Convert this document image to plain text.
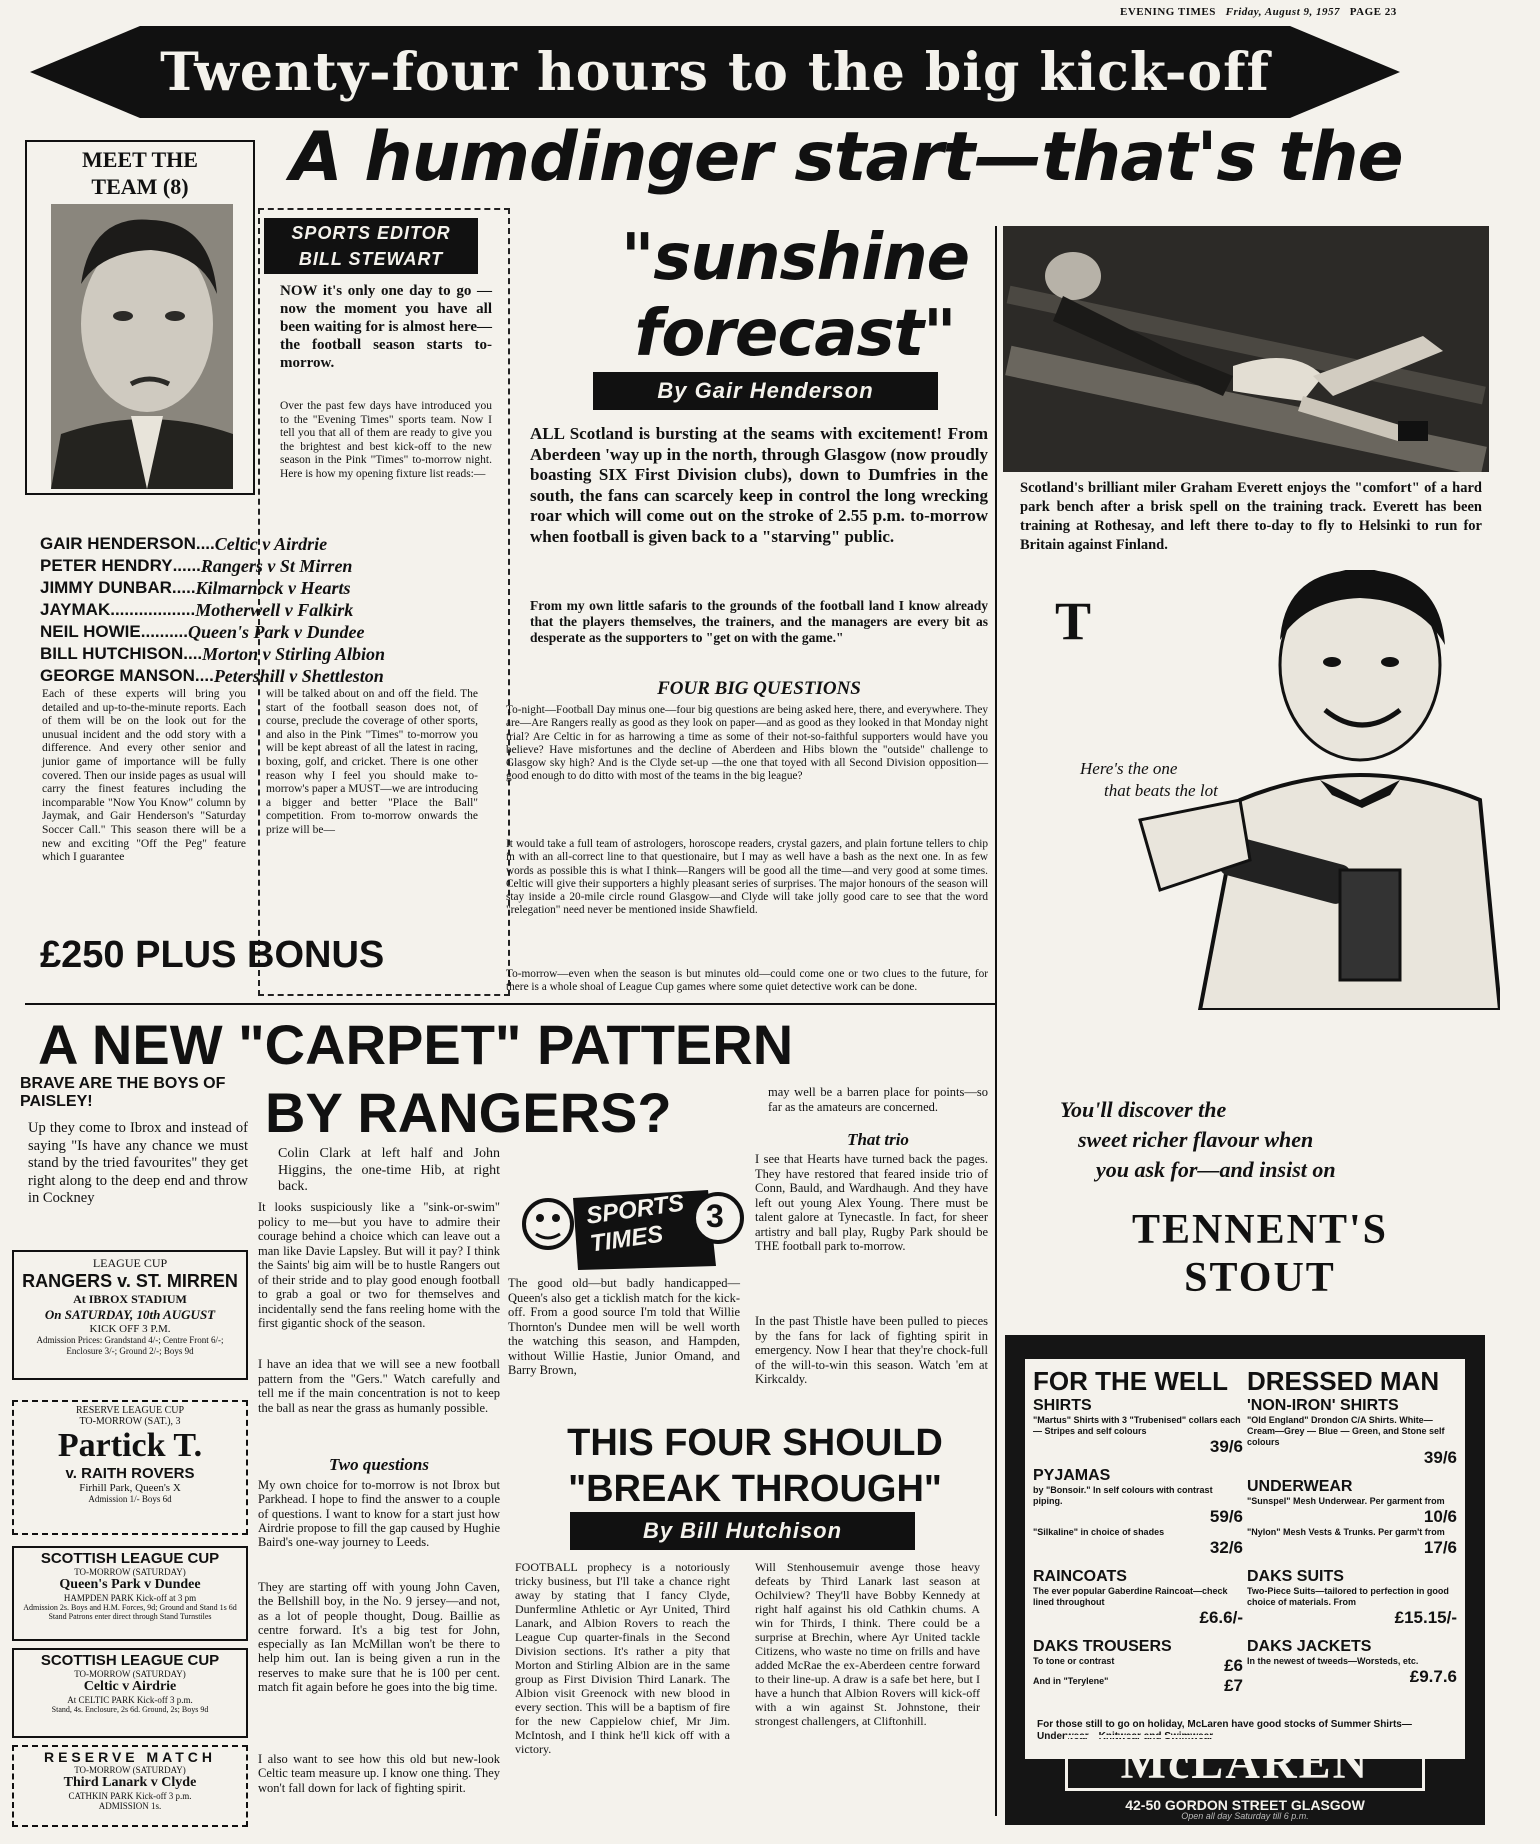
EVENING TIMES Friday, August 9, 1957 PAGE 23
Twenty-four hours to the big kick-off
MEET THE
TEAM (8)	A humdinger start—that's the
"sunshine
forecast"
By Gair Henderson
SPORTS EDITOR
BILL STEWART
NOW it's only one day to go — now the moment you have all been waiting for is almost here—the football season starts to-morrow.
Over the past few days have introduced you to the "Evening Times" sports team. Now I tell you that all of them are ready to give you the brightest and best kick-off to the new season in the Pink "Times" to-morrow night. Here is how my opening fixture list reads:—
GAIR HENDERSON .... Celtic v Airdrie
PETER HENDRY ...... Rangers v St Mirren
JIMMY DUNBAR ..... Kilmarnock v Hearts
JAYMAK .................. Motherwell v Falkirk
NEIL HOWIE .......... Queen's Park v Dundee
BILL HUTCHISON .... Morton v Stirling Albion
GEORGE MANSON .... Petershill v Shettleston
Each of these experts will bring you detailed and up-to-the-minute reports. Each of them will be on the look out for the unusual incident and the odd story with a difference. And every other senior and junior game of importance will be fully covered. Then our inside pages as usual will carry the finest features including the incomparable "Now You Know" column by Jaymak, and Gair Henderson's "Saturday Soccer Call." This season there will be a new and exciting "Off the Peg" feature which I guarantee
will be talked about on and off the field. The start of the football season does not, of course, preclude the coverage of other sports, and also in the Pink "Times" to-morrow you will be kept abreast of all the latest in racing, boxing, golf, and cricket. There is one other reason why I feel you should make to-morrow's paper a MUST—we are introducing a bigger and better "Place the Ball" competition. From to-morrow onwards the prize will be—
£250 PLUS BONUS
ALL Scotland is bursting at the seams with excitement! From Aberdeen 'way up in the north, through Glasgow (now proudly boasting SIX First Division clubs), down to Dumfries in the south, the fans can scarcely keep in control the long wrecking roar which will come out on the stroke of 2.55 p.m. to-morrow when football is given back to a "starving" public.
From my own little safaris to the grounds of the football land I know already that the players themselves, the trainers, and the managers are every bit as desperate as the supporters to "get on with the game."
FOUR BIG QUESTIONS
To-night—Football Day minus one—four big questions are being asked here, there, and everywhere. They are—Are Rangers really as good as they look on paper—and as good as they looked in that Monday night trial? Are Celtic in for as harrowing a time as some of their not-so-faithful supporters would have you believe? Have misfortunes and the decline of Aberdeen and Hibs blown the "outside" challenge to Glasgow sky high? And is the Clyde set-up —the one that toyed with all Second Division opposition—good enough to do ditto with most of the teams in the big league?
It would take a full team of astrologers, horoscope readers, crystal gazers, and plain fortune tellers to chip in with an all-correct line to that questionaire, but I may as well have a bash as the next one. In as few words as possible this is what I think—Rangers will be good all the time—and very good at some times. Celtic will give their supporters a highly pleasant series of surprises. The major honours of the season will stay inside a 20-mile circle round Glasgow—and Clyde will take jolly good care to see that the word "relegation" need never be mentioned inside Shawfield.
To-morrow—even when the season is but minutes old—could come one or two clues to the future, for there is a whole shoal of League Cup games where some quiet detective work can be done.
Scotland's brilliant miler Graham Everett enjoys the "comfort" of a hard park bench after a brisk spell on the training track. Everett has been training at Rothesay, and left there to-day to fly to Helsinki to run for Britain against Finland.
T
Here's the one
that beats the lot
You'll discover the
sweet richer flavour when
you ask for—and insist on
TENNENT'S
STOUT
FOR THE WELL
SHIRTS
"Martus" Shirts with 3 "Trubenised" collars each— Stripes and self colours
39/6
PYJAMAS
by "Bonsoir." In self colours with contrast piping.
59/6
"Silkaline" in choice of shades
32/6
RAINCOATS
The ever popular Gaberdine Raincoat—check lined throughout
£6.6/-
DAKS TROUSERS
To tone or contrast	£6
And in "Terylene"	£7
DRESSED MAN
'NON-IRON' SHIRTS
"Old England" Drondon C/A Shirts. White—Cream—Grey — Blue — Green, and Stone self colours
39/6
UNDERWEAR
"Sunspel" Mesh Underwear. Per garment from
10/6
"Nylon" Mesh Vests & Trunks. Per garm't from
17/6
DAKS SUITS
Two-Piece Suits—tailored to perfection in good choice of materials. From
£15.15/-
DAKS JACKETS
In the newest of tweeds—Worsteds, etc.
£9.7.6
For those still to go on holiday, McLaren have good stocks of Summer Shirts—Underwear—Knitwear and Swimwear
McLAREN
42-50 GORDON STREET GLASGOW
Open all day Saturday till 6 p.m.
A NEW "CARPET" PATTERN
BY RANGERS?
BRAVE ARE THE BOYS OF PAISLEY!
Up they come to Ibrox and instead of saying "Is have any chance we must stand by the tried favourites" they get right along to the deep end and throw in Cockney
Colin Clark at left half and John Higgins, the one-time Hib, at right back.
It looks suspiciously like a "sink-or-swim" policy to me—but you have to admire their courage behind a choice which can leave out a man like Davie Lapsley. But will it pay? I think the Saints' big aim will be to hustle Rangers out of their stride and to play good enough football to grab a goal or two for themselves and incidentally send the fans reeling home with the first gigantic shock of the season.
I have an idea that we will see a new football pattern from the "Gers." Watch carefully and tell me if the main concentration is not to keep the ball as near the grass as humanly possible.
Two questions
My own choice for to-morrow is not Ibrox but Parkhead. I hope to find the answer to a couple of questions. I want to know for a start just how Airdrie propose to fill the gap caused by Hughie Baird's one-way journey to Leeds.
They are starting off with young John Caven, the Bellshill boy, in the No. 9 jersey—and not, as a lot of people thought, Doug. Baillie as centre forward. It's a big test for John, especially as Ian McMillan won't be there to help him out. Ian is being given a run in the reserves to make sure that he is 100 per cent. match fit again before he goes into the big time.
I also want to see how this old but new-look Celtic team measure up. I know one thing. They won't fall down for lack of fighting spirit.
LEAGUE CUP
RANGERS v. ST. MIRREN
At IBROX STADIUM
On SATURDAY, 10th AUGUST
KICK OFF 3 P.M.
Admission Prices: Grandstand 4/-; Centre Front 6/-; Enclosure 3/-; Ground 2/-; Boys 9d
RESERVE LEAGUE CUP
TO-MORROW (SAT.), 3
Partick T.
v. RAITH ROVERS
Firhill Park, Queen's X
Admission 1/- Boys 6d
SCOTTISH LEAGUE CUP
TO-MORROW (SATURDAY)
Queen's Park v Dundee
HAMPDEN PARK Kick-off at 3 pm
Admission 2s. Boys and H.M. Forces, 9d; Ground and Stand 1s 6d Stand Patrons enter direct through Stand Turnstiles
SCOTTISH LEAGUE CUP
TO-MORROW (SATURDAY)
Celtic v Airdrie
At CELTIC PARK Kick-off 3 p.m.
Stand, 4s. Enclosure, 2s 6d. Ground, 2s; Boys 9d
RESERVE MATCH
TO-MORROW (SATURDAY)
Third Lanark v Clyde
CATHKIN PARK Kick-off 3 p.m.
ADMISSION 1s.
SPORTS
TIMES
3
The good old—but badly handicapped—Queen's also get a ticklish match for the kick-off. From a good source I'm told that Willie Thornton's Dundee men will be well worth the watching this season, and Hampden, without Willie Hastie, Junior Omand, and Barry Brown,
may well be a barren place for points—so far as the amateurs are concerned.
That trio
I see that Hearts have turned back the pages. They have restored that feared inside trio of Conn, Bauld, and Wardhaugh. And they have left out young Alex Young. There must be talent galore at Tynecastle. In fact, for sheer artistry and ball play, Rugby Park should be THE football park to-morrow.
In the past Thistle have been pulled to pieces by the fans for lack of fighting spirit in emergency. Now I hear that they're chock-full of the will-to-win this season. Watch 'em at Kirkcaldy.
THIS FOUR SHOULD
"BREAK THROUGH"
By Bill Hutchison
FOOTBALL prophecy is a notoriously tricky business, but I'll take a chance right away by stating that I fancy Clyde, Dunfermline Athletic or Ayr United, Third Lanark, and Albion Rovers to reach the League Cup quarter-finals in the Second Division sections. It's rather a pity that Morton and Stirling Albion are in the same group as First Division Third Lanark. The Albion visit Greenock with new blood in every section. This will be a baptism of fire for the new Cappielow chief, Mr Jim. McIntosh, and I think he'll kick off with a victory.
Will Stenhousemuir avenge those heavy defeats by Third Lanark last season at Ochilview? They'll have Bobby Kennedy at right half against his old Cathkin chums. A win for Thirds, I think. There could be a surprise at Brechin, where Ayr United tackle Citizens, who waste no time on frills and have added McRae the ex-Aberdeen centre forward to their line-up. A draw is a safe bet here, but I have a hunch that Albion Rovers will kick-off with a win against St. Johnstone, their strongest challengers, at Cliftonhill.
